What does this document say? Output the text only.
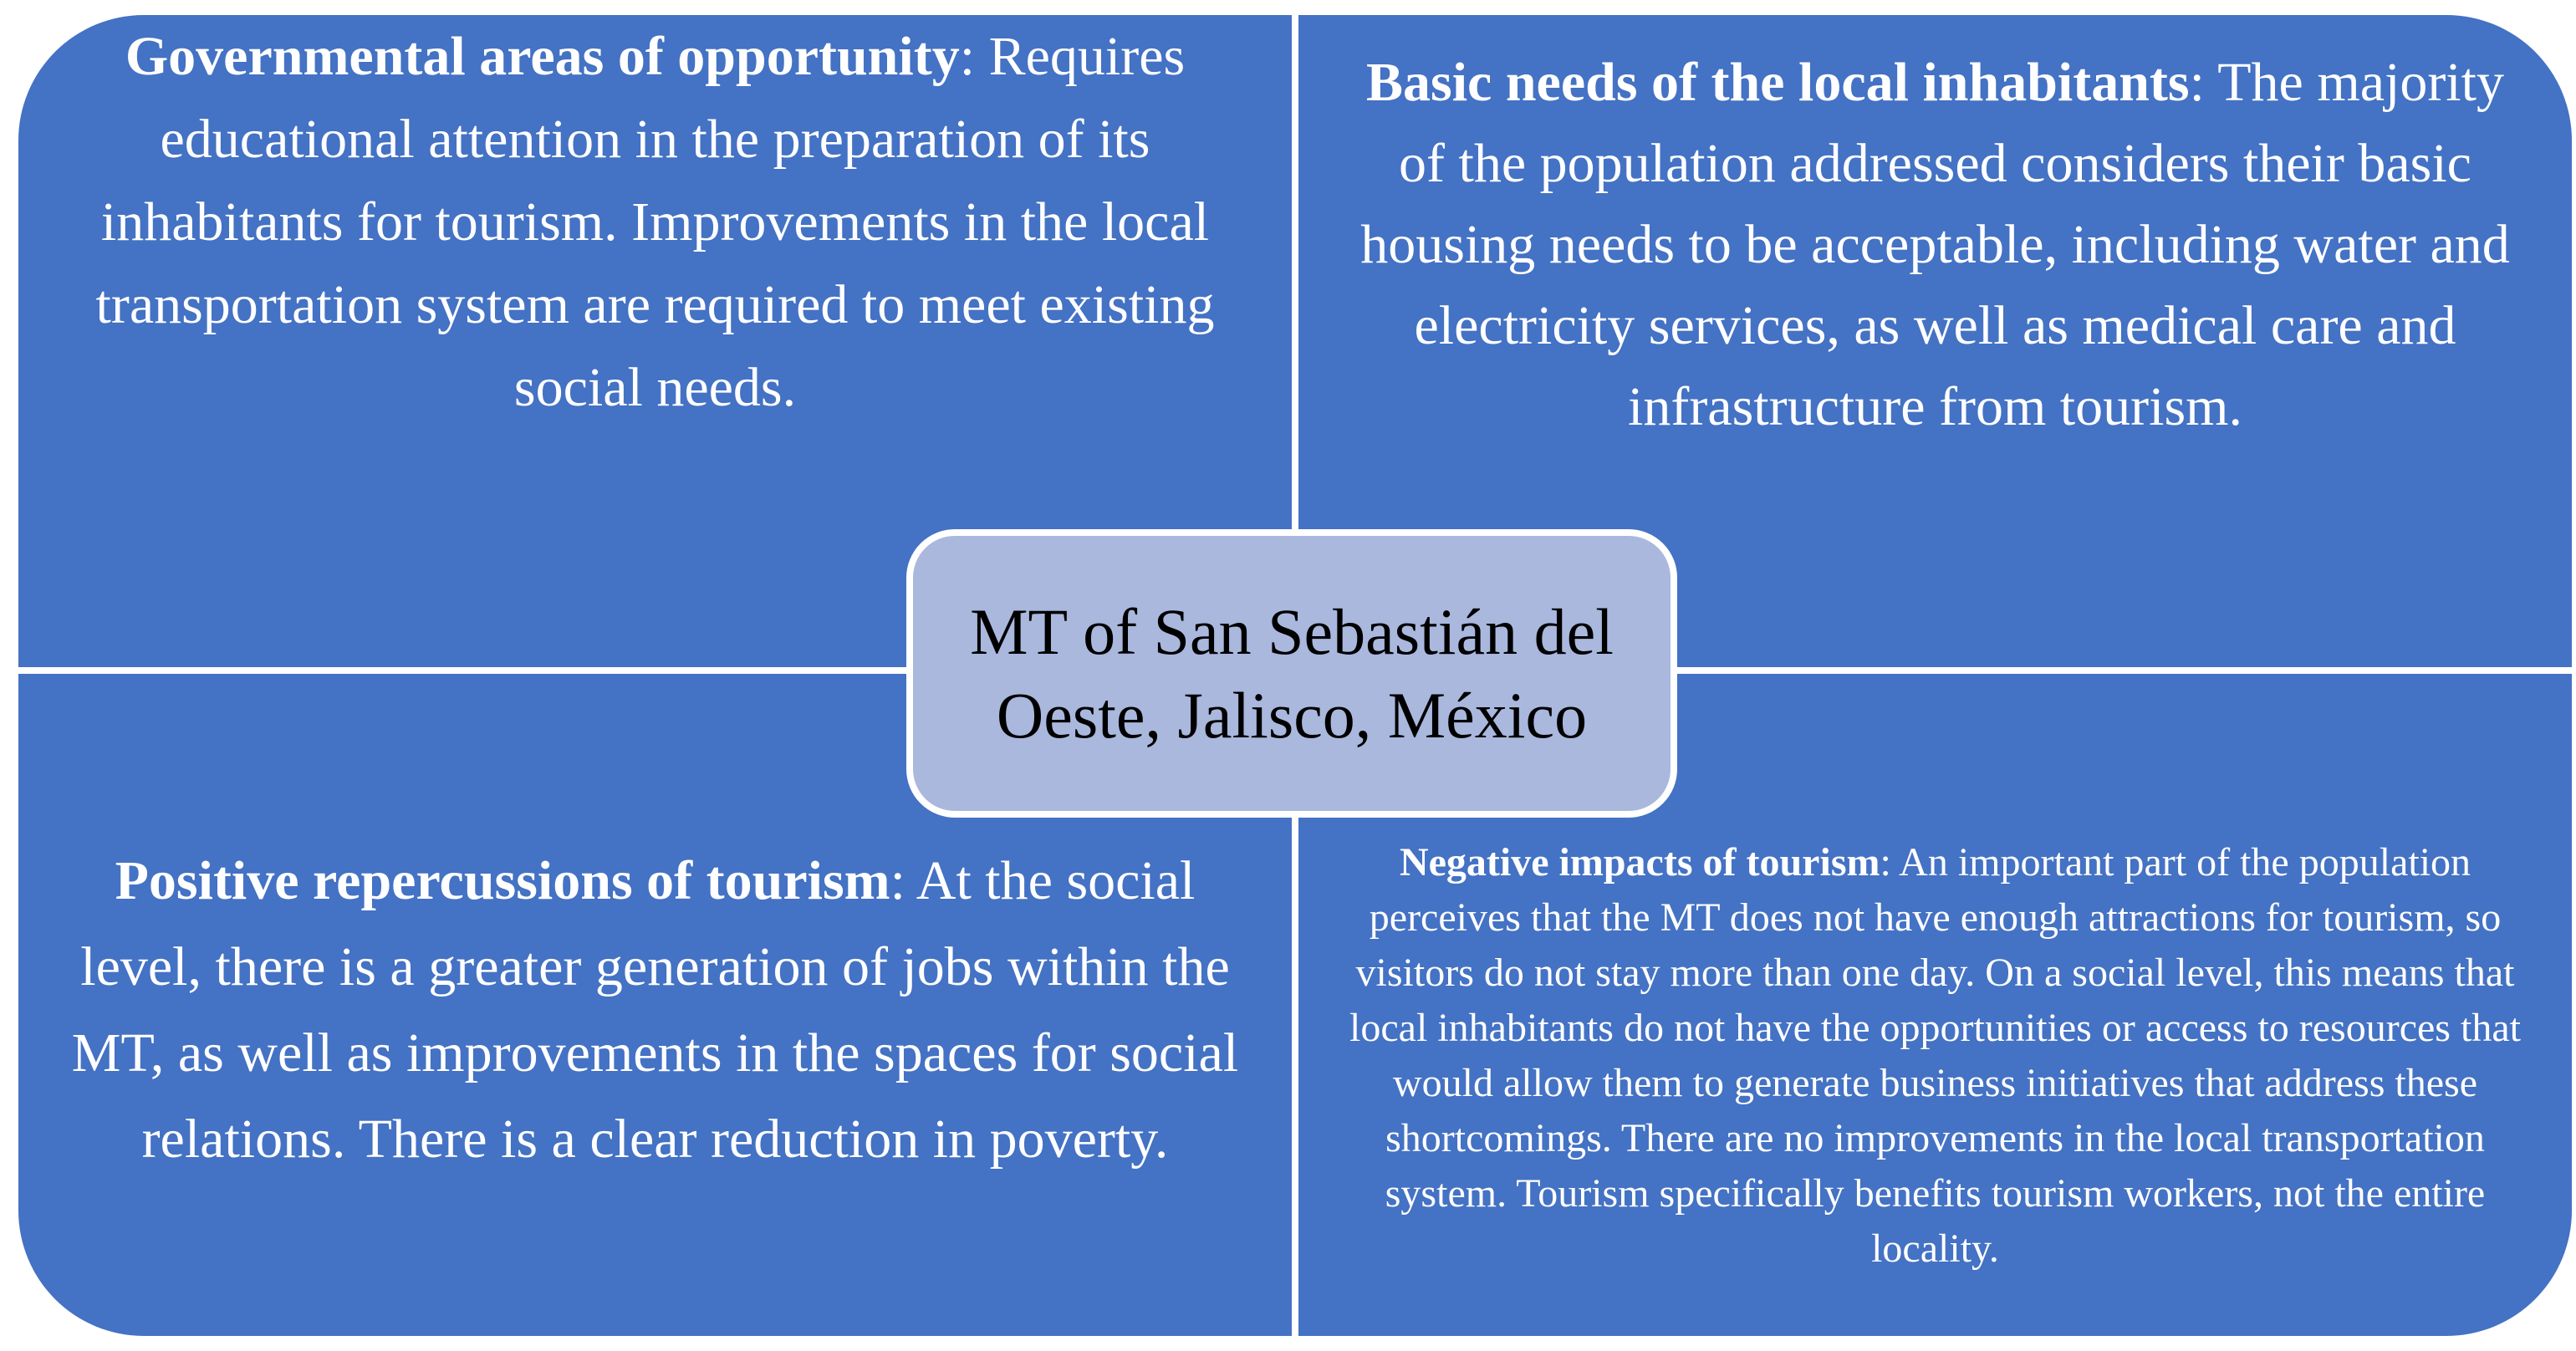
Governmental areas of opportunity: Requires educational attention in the preparation of its inhabitants for tourism. Improvements in the local transportation system are required to meet existing social needs.

Basic needs of the local inhabitants: The majority of the population addressed considers their basic housing needs to be acceptable, including water and electricity services, as well as medical care and infrastructure from tourism.

Positive repercussions of tourism: At the social level, there is a greater generation of jobs within the MT, as well as improvements in the spaces for social relations. There is a clear reduction in poverty.

Negative impacts of tourism: An important part of the population perceives that the MT does not have enough attractions for tourism, so visitors do not stay more than one day. On a social level, this means that local inhabitants do not have the opportunities or access to resources that would allow them to generate business initiatives that address these shortcomings. There are no improvements in the local transportation system. Tourism specifically benefits tourism workers, not the entire locality.

MT of San Sebastián del Oeste, Jalisco, México
